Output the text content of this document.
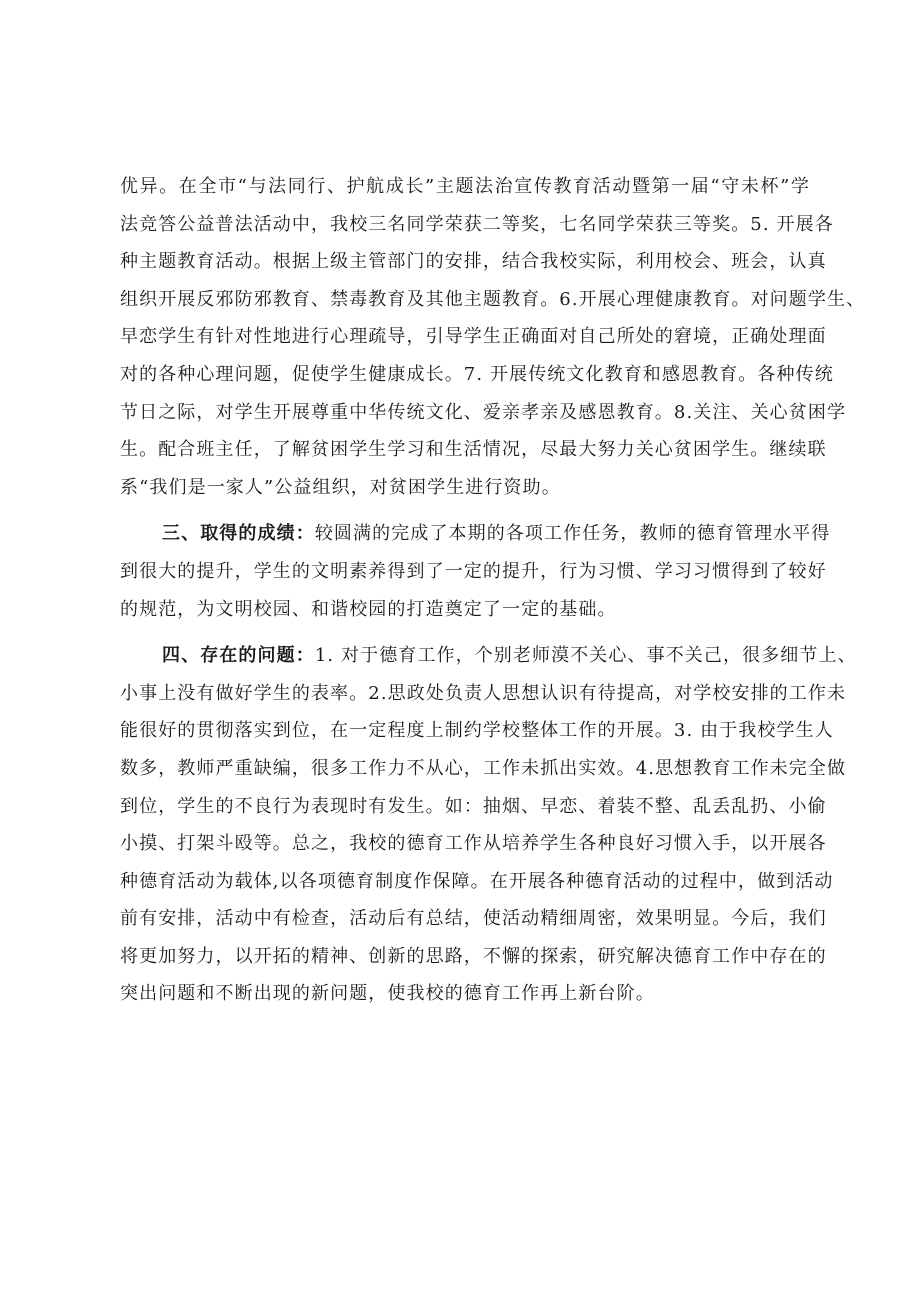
优异。在全市“与法同行、护航成长”主题法治宣传教育活动暨第一届“守未杯”学
法竞答公益普法活动中，我校三名同学荣获二等奖，七名同学荣获三等奖。5. 开展各
种主题教育活动。根据上级主管部门的安排，结合我校实际，利用校会、班会，认真
组织开展反邪防邪教育、禁毒教育及其他主题教育。6.开展心理健康教育。对问题学生、
早恋学生有针对性地进行心理疏导，引导学生正确面对自己所处的窘境，正确处理面
对的各种心理问题，促使学生健康成长。7. 开展传统文化教育和感恩教育。各种传统
节日之际，对学生开展尊重中华传统文化、爱亲孝亲及感恩教育。8.关注、关心贫困学
生。配合班主任，了解贫困学生学习和生活情况，尽最大努力关心贫困学生。继续联
系“我们是一家人”公益组织，对贫困学生进行资助。
三、取得的成绩：较圆满的完成了本期的各项工作任务，教师的德育管理水平得
到很大的提升，学生的文明素养得到了一定的提升，行为习惯、学习习惯得到了较好
的规范，为文明校园、和谐校园的打造奠定了一定的基础。
四、存在的问题：1. 对于德育工作，个别老师漠不关心、事不关己，很多细节上、
小事上没有做好学生的表率。2.思政处负责人思想认识有待提高，对学校安排的工作未
能很好的贯彻落实到位，在一定程度上制约学校整体工作的开展。3. 由于我校学生人
数多，教师严重缺编，很多工作力不从心，工作未抓出实效。4.思想教育工作未完全做
到位，学生的不良行为表现时有发生。如：抽烟、早恋、着装不整、乱丢乱扔、小偷
小摸、打架斗殴等。总之，我校的德育工作从培养学生各种良好习惯入手，以开展各
种德育活动为载体,以各项德育制度作保障。在开展各种德育活动的过程中，做到活动
前有安排，活动中有检查，活动后有总结，使活动精细周密，效果明显。今后，我们
将更加努力，以开拓的精神、创新的思路，不懈的探索，研究解决德育工作中存在的
突出问题和不断出现的新问题，使我校的德育工作再上新台阶。
